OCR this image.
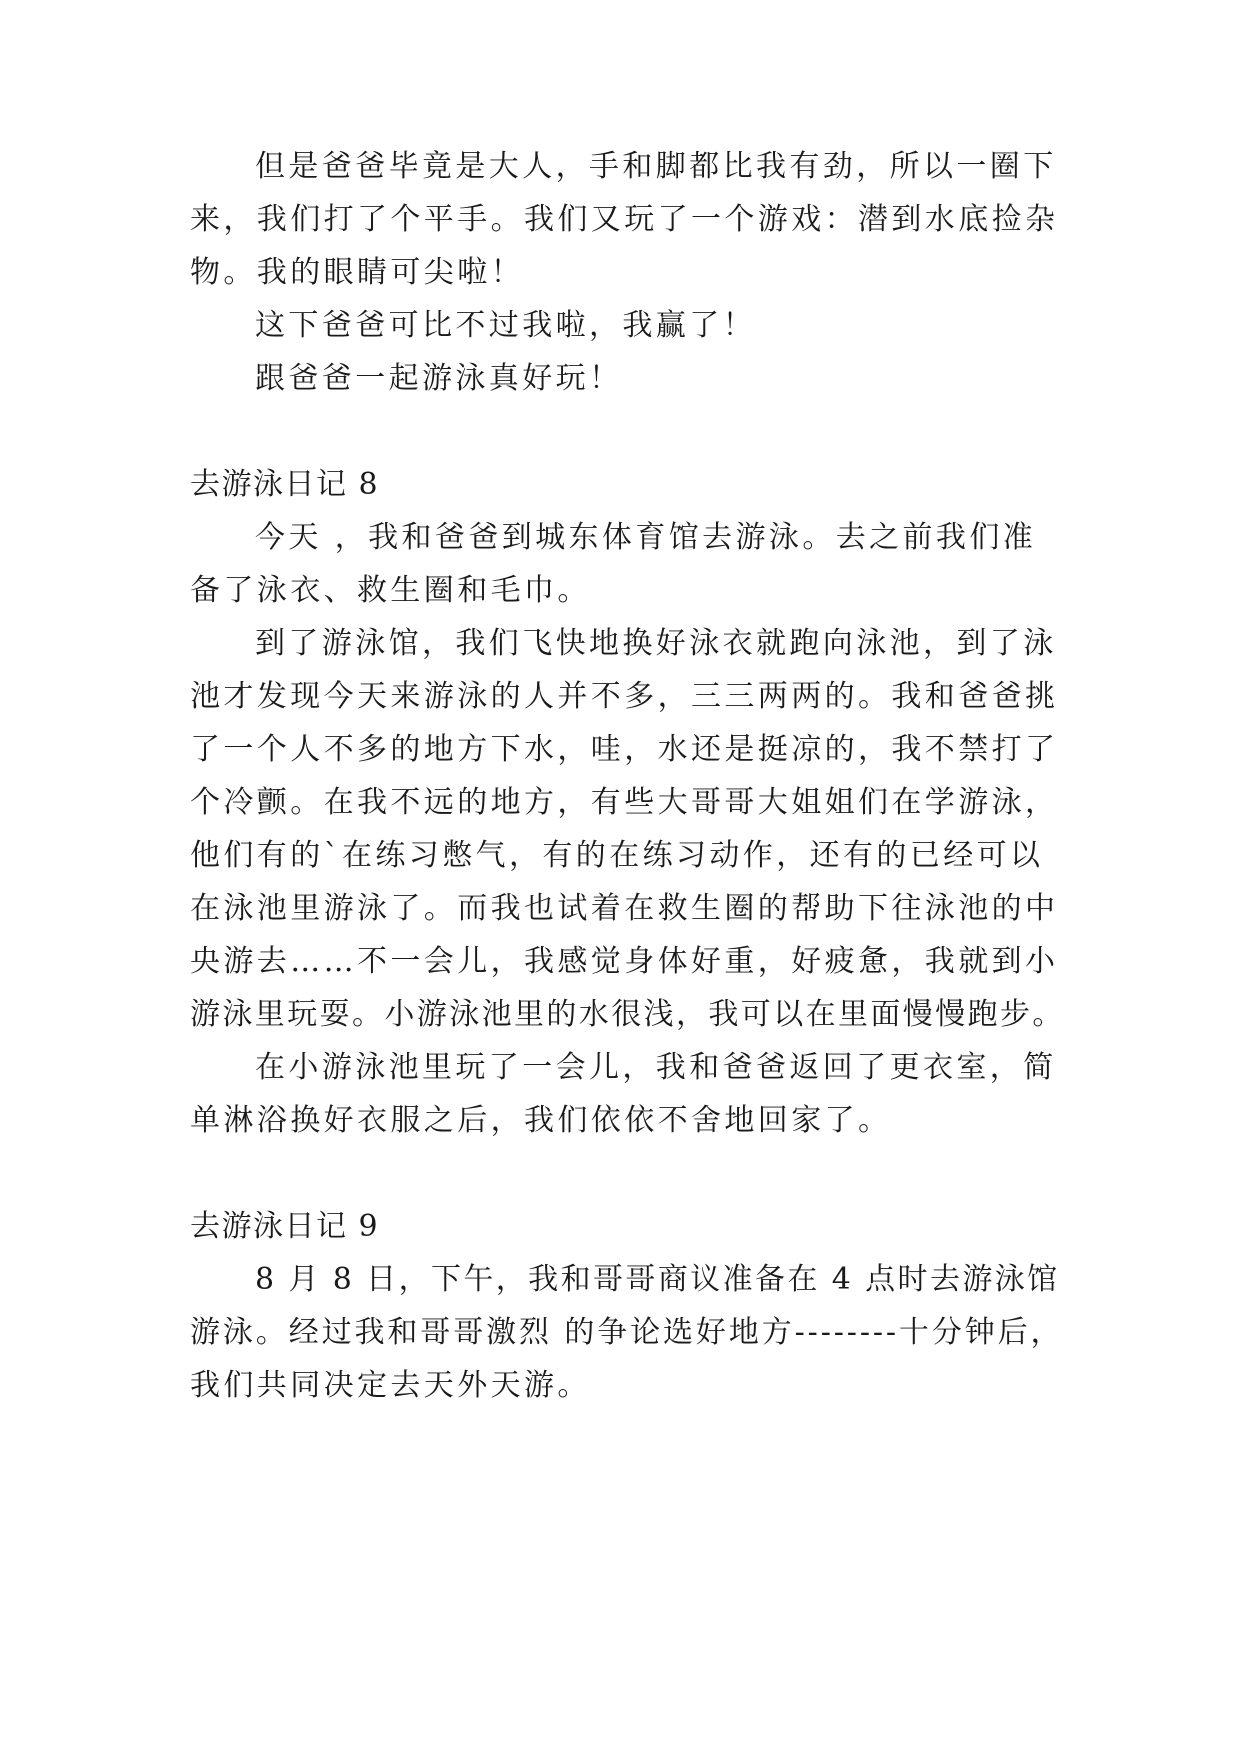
但是爸爸毕竟是大人，手和脚都比我有劲，所以一圈下
来，我们打了个平手。我们又玩了一个游戏：潜到水底捡杂
物。我的眼睛可尖啦！
这下爸爸可比不过我啦，我赢了！
跟爸爸一起游泳真好玩！
去游泳日记 8
今天 ，我和爸爸到城东体育馆去游泳。去之前我们准
备了泳衣、救生圈和毛巾。
到了游泳馆，我们飞快地换好泳衣就跑向泳池，到了泳
池才发现今天来游泳的人并不多，三三两两的。我和爸爸挑
了一个人不多的地方下水，哇，水还是挺凉的，我不禁打了
个冷颤。在我不远的地方，有些大哥哥大姐姐们在学游泳，
他们有的`在练习憋气，有的在练习动作，还有的已经可以
在泳池里游泳了。而我也试着在救生圈的帮助下往泳池的中
央游去……不一会儿，我感觉身体好重，好疲惫，我就到小
游泳里玩耍。小游泳池里的水很浅，我可以在里面慢慢跑步。
在小游泳池里玩了一会儿，我和爸爸返回了更衣室，简
单淋浴换好衣服之后，我们依依不舍地回家了。
去游泳日记 9
8 月 8 日，下午，我和哥哥商议准备在 4 点时去游泳馆
游泳。经过我和哥哥激烈 的争论选好地方--------十分钟后，
我们共同决定去天外天游。
